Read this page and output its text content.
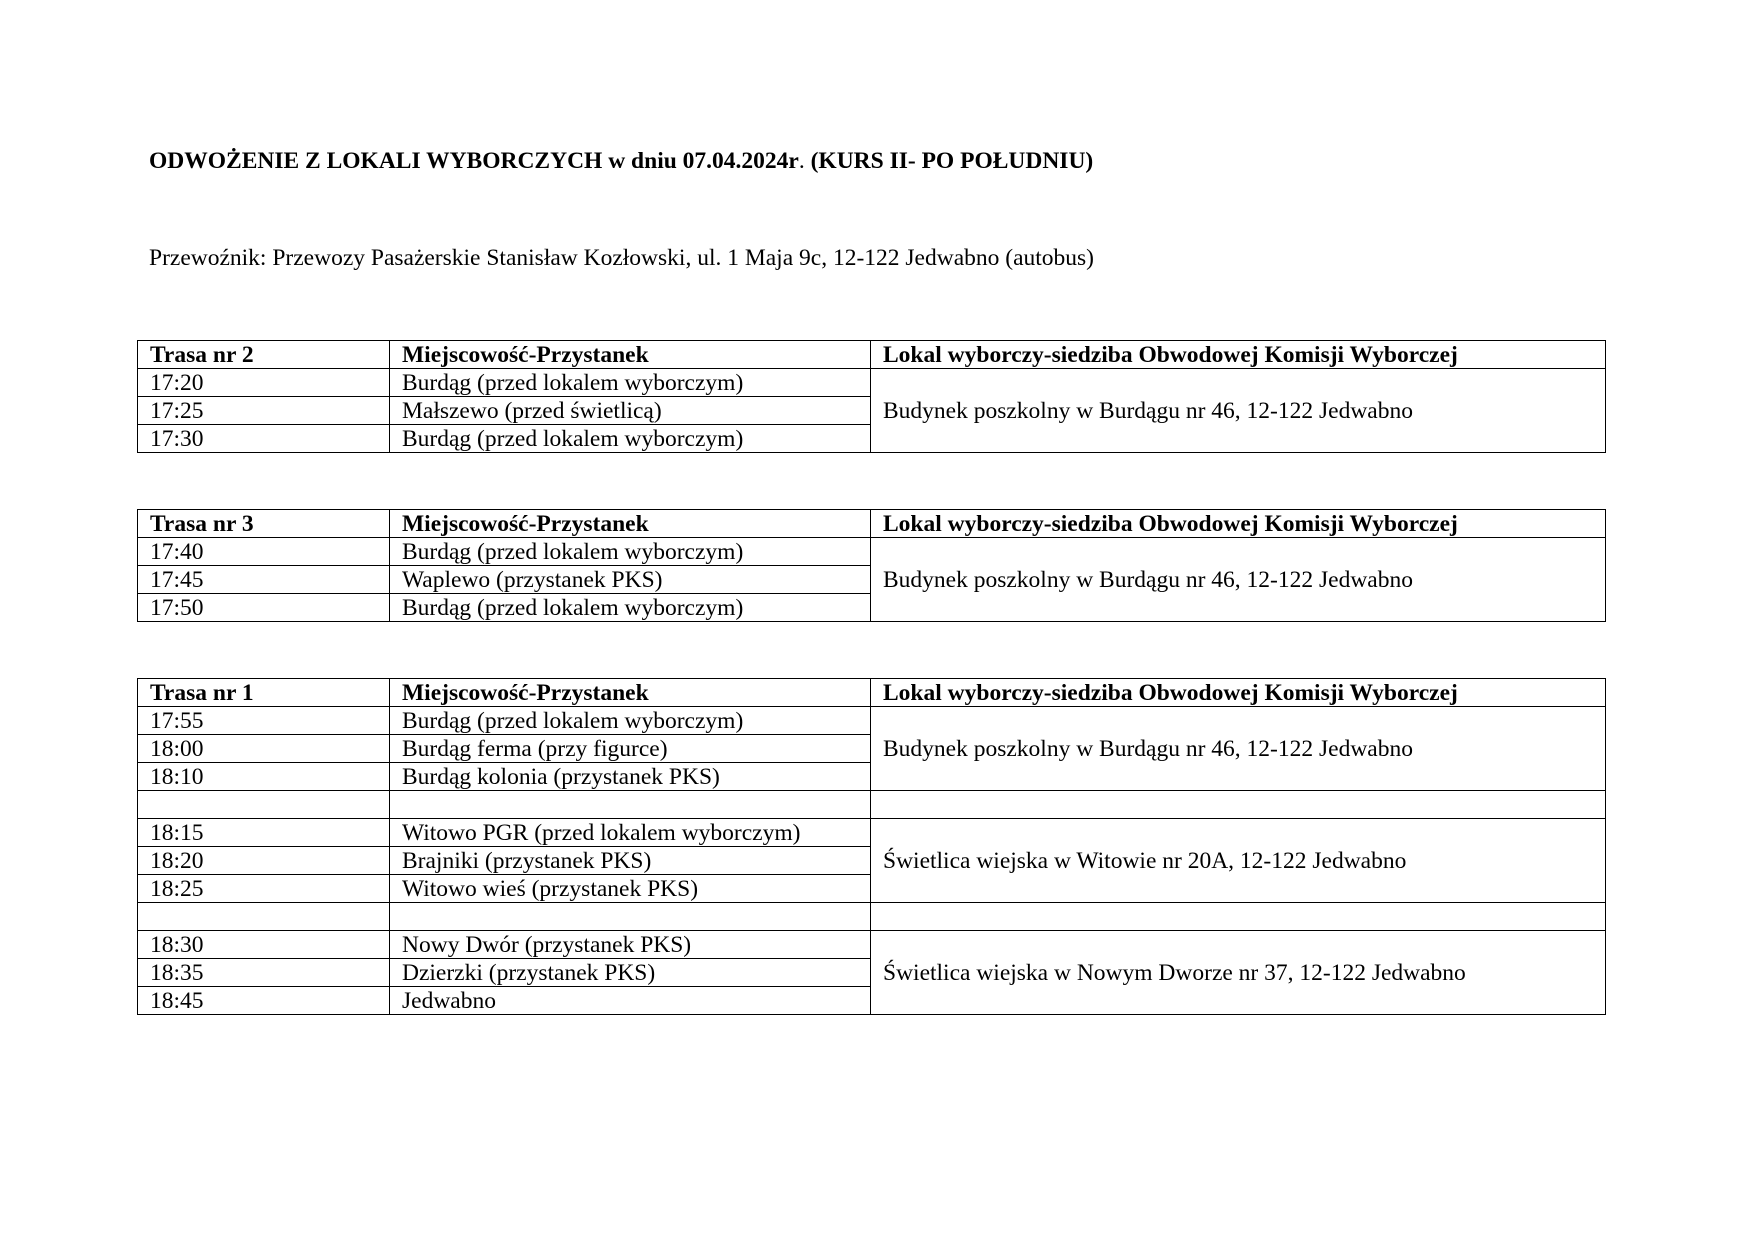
ODWOŻENIE Z LOKALI WYBORCZYCH w dniu 07.04.2024r. (KURS II- PO POŁUDNIU)
Przewoźnik: Przewozy Pasażerskie Stanisław Kozłowski, ul. 1 Maja 9c, 12-122 Jedwabno (autobus)
Trasa nr 2	Miejscowość-Przystanek	Lokal wyborczy-siedziba Obwodowej Komisji Wyborczej
17:20	Burdąg (przed lokalem wyborczym)	Budynek poszkolny w Burdągu nr 46, 12-122 Jedwabno
17:25	Małszewo (przed świetlicą)	
17:30	Burdąg (przed lokalem wyborczym)	
Trasa nr 3	Miejscowość-Przystanek	Lokal wyborczy-siedziba Obwodowej Komisji Wyborczej
17:40	Burdąg (przed lokalem wyborczym)	Budynek poszkolny w Burdągu nr 46, 12-122 Jedwabno
17:45	Waplewo (przystanek PKS)	
17:50	Burdąg (przed lokalem wyborczym)	
Trasa nr 1	Miejscowość-Przystanek	Lokal wyborczy-siedziba Obwodowej Komisji Wyborczej
17:55	Burdąg (przed lokalem wyborczym)	Budynek poszkolny w Burdągu nr 46, 12-122 Jedwabno
18:00	Burdąg ferma (przy figurce)	
18:10	Burdąg kolonia (przystanek PKS)	

18:15	Witowo PGR (przed lokalem wyborczym)	Świetlica wiejska w Witowie nr 20A, 12-122 Jedwabno
18:20	Brajniki (przystanek PKS)	
18:25	Witowo wieś (przystanek PKS)	

18:30	Nowy Dwór (przystanek PKS)	Świetlica wiejska w Nowym Dworze nr 37, 12-122 Jedwabno
18:35	Dzierzki (przystanek PKS)	
18:45	Jedwabno	
